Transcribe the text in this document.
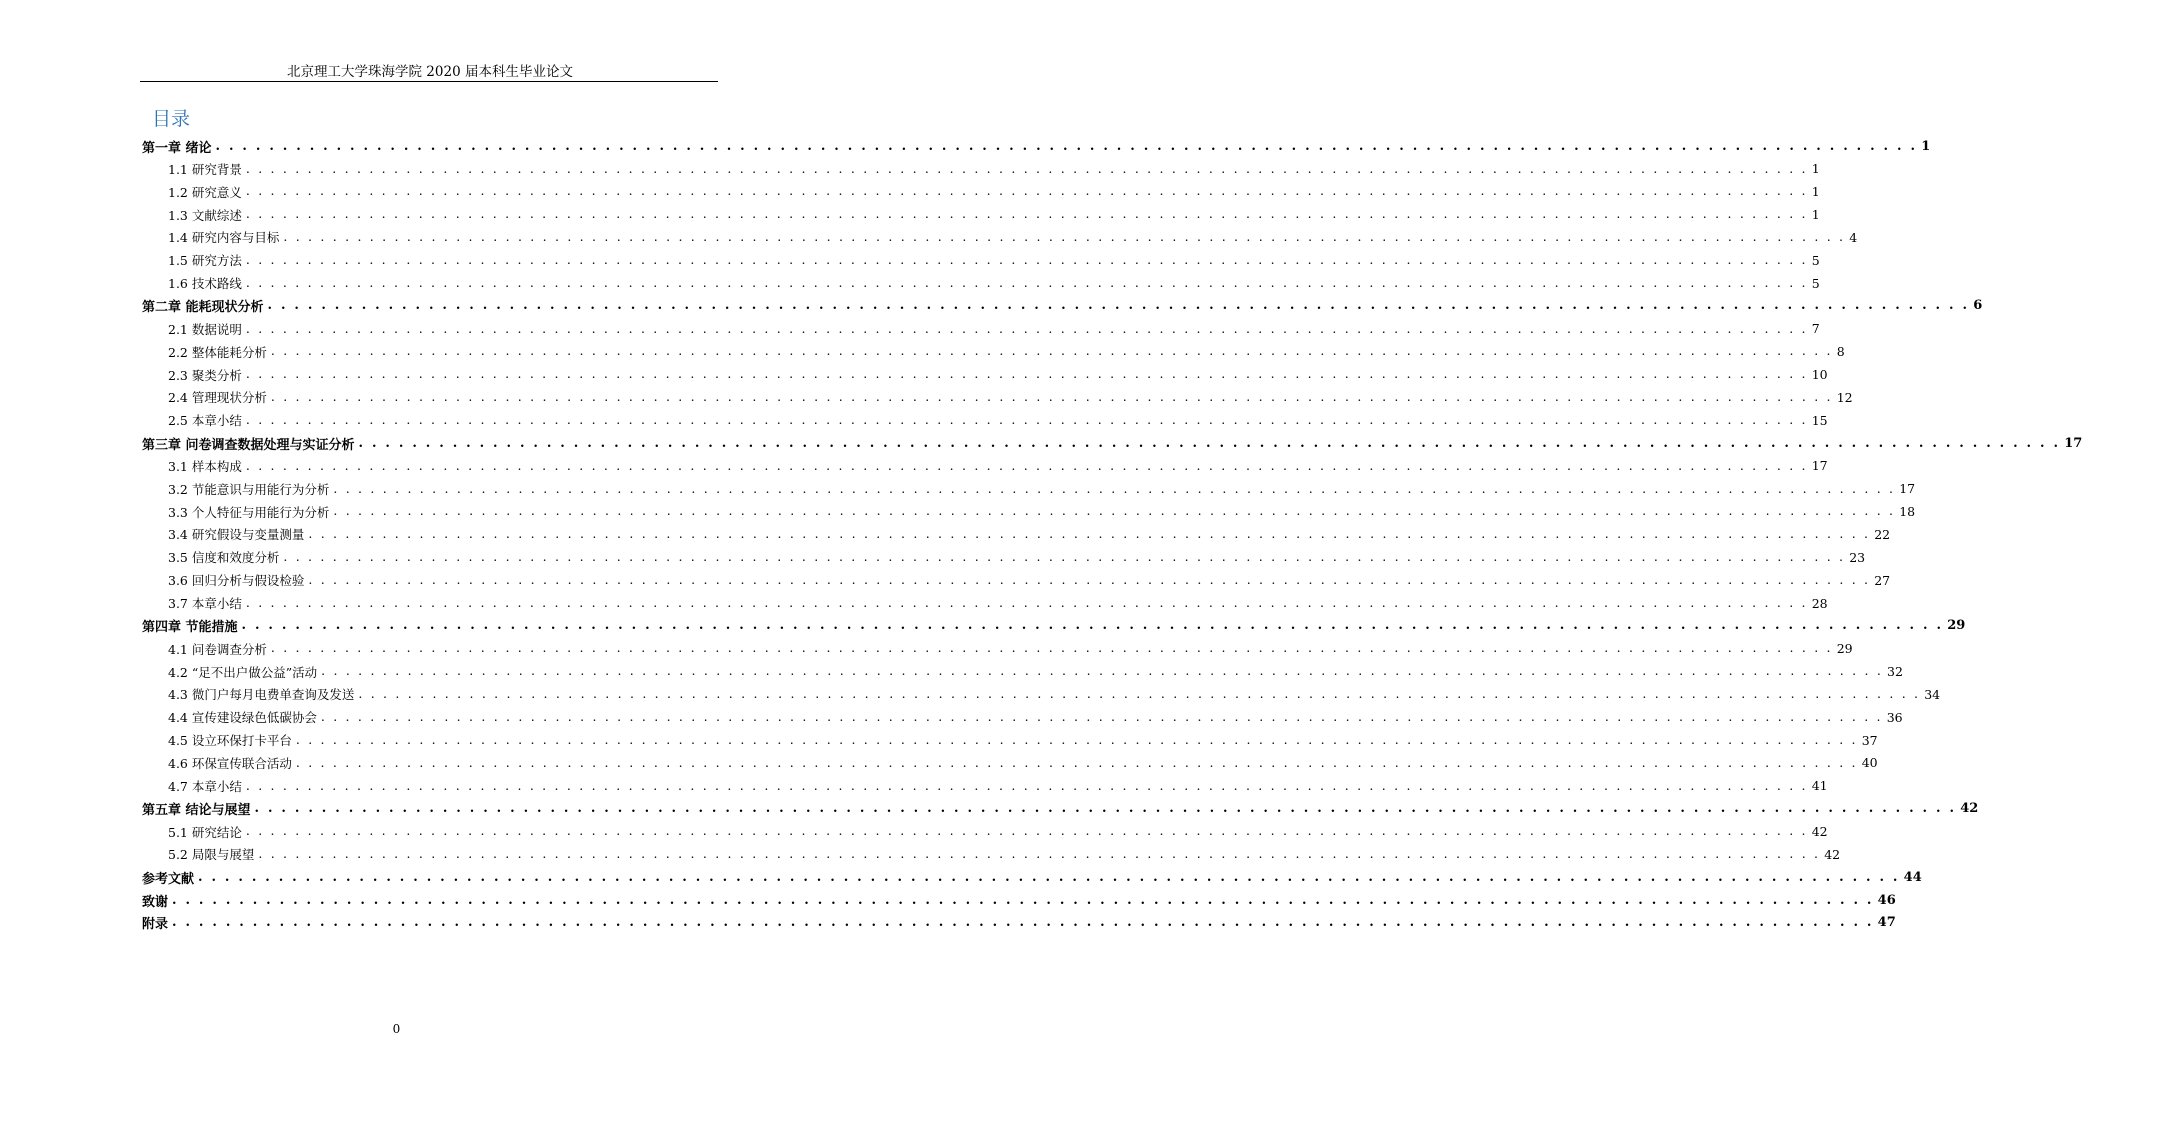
北京理工大学珠海学院 2020 届本科生毕业论文
目录
第一章 绪论 . . .	1
1.1 研究背景 . . .	1
1.2 研究意义 . . .	1
1.3 文献综述 . . .	1
1.4 研究内容与目标 . . .	4
1.5 研究方法 . . .	5
1.6 技术路线 . . .	5
第二章 能耗现状分析 . . .	6
2.1 数据说明 . . .	7
2.2 整体能耗分析 . . .	8
2.3 聚类分析 . . .	10
2.4 管理现状分析 . . .	12
2.5 本章小结 . . .	15
第三章 问卷调查数据处理与实证分析 . . .	17
3.1 样本构成 . . .	17
3.2 节能意识与用能行为分析 . . .	17
3.3 个人特征与用能行为分析 . . .	18
3.4 研究假设与变量测量 . . .	22
3.5 信度和效度分析 . . .	23
3.6 回归分析与假设检验 . . .	27
3.7 本章小结 . . .	28
第四章 节能措施 . . .	29
4.1 问卷调查分析 . . .	29
4.2 “足不出户做公益”活动 . . .	32
4.3 微门户每月电费单查询及发送 . . .	34
4.4 宣传建设绿色低碳协会 . . .	36
4.5 设立环保打卡平台 . . .	37
4.6 环保宣传联合活动 . . .	40
4.7 本章小结 . . .	41
第五章 结论与展望 . . .	42
5.1 研究结论 . . .	42
5.2 局限与展望 . . .	42
参考文献 . . .	44
致谢 . . .	46
附录 . . .	47
0
